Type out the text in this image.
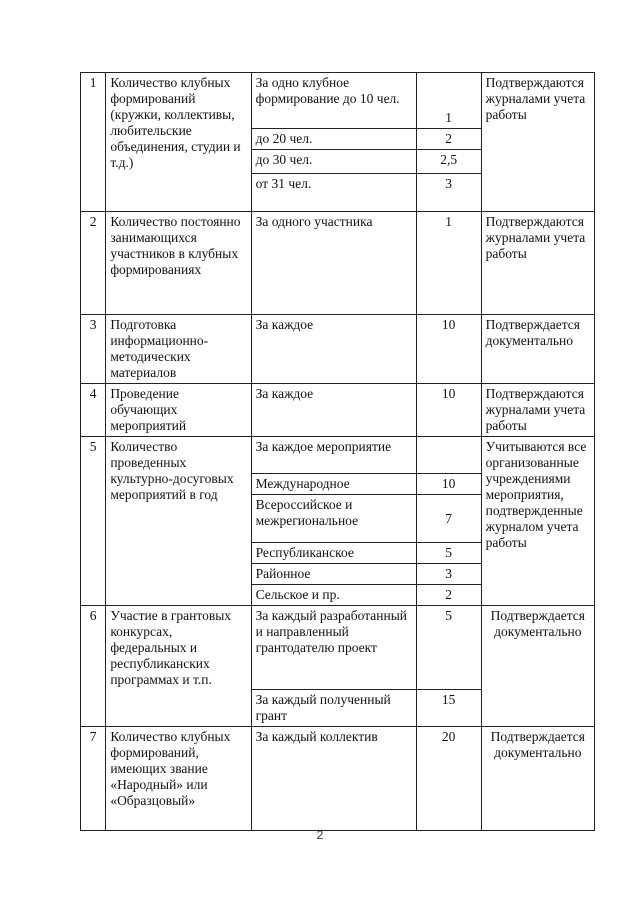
1	Количество клубных формирований (кружки, коллективы, любительские объединения, студии и т.д.)	За одно клубное формирование до 10 чел.	1	Подтверждаются журналами учета работы
		до 20 чел.	2	
		до 30 чел.	2,5	
		от 31 чел.	3	
2	Количество постоянно занимающихся участников в клубных формированиях	За одного участника	1	Подтверждаются журналами учета работы
3	Подготовка информационно-методических материалов	За каждое	10	Подтверждается документально
4	Проведение обучающих мероприятий	За каждое	10	Подтверждаются журналами учета работы
5	Количество проведенных культурно-досуговых мероприятий в год	За каждое мероприятие		Учитываются все организованные учреждениями мероприятия, подтвержденные журналом учета работы
		Международное	10	
		Всероссийское и межрегиональное	7	
		Республиканское	5	
		Районное	3	
		Сельское и пр.	2	
6	Участие в грантовых конкурсах, федеральных и республиканских программах и т.п.	За каждый разработанный и направленный грантодателю проект	5	Подтверждается документально
		За каждый полученный грант	15	
7	Количество клубных формирований, имеющих звание «Народный» или «Образцовый»	За каждый коллектив	20	Подтверждается документально
2
